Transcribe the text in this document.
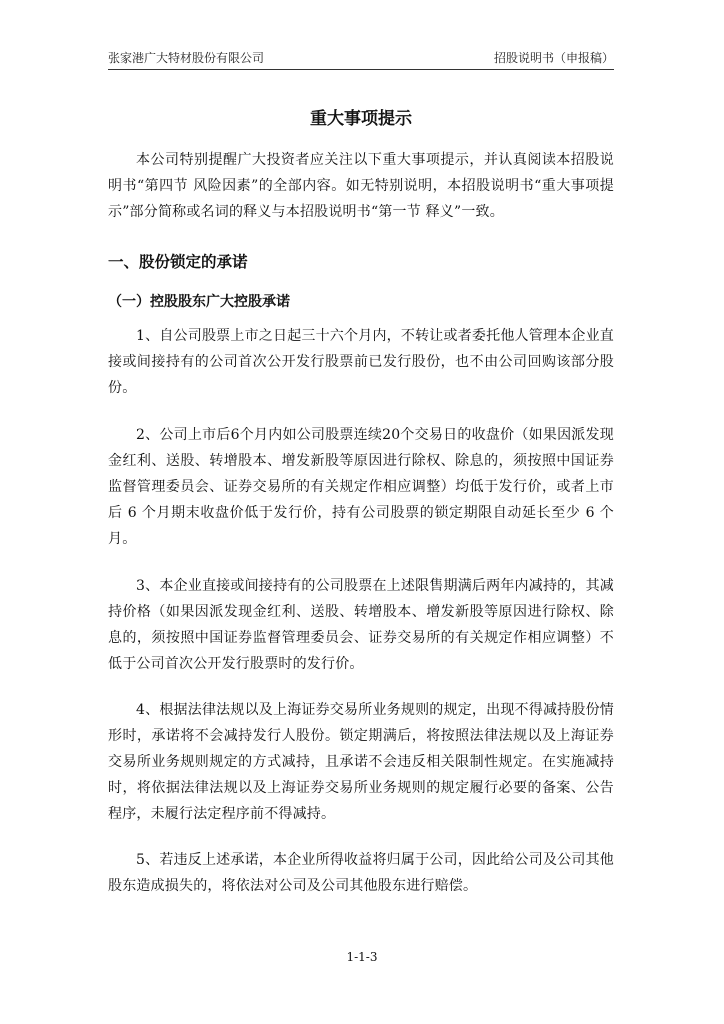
张家港广大特材股份有限公司	招股说明书（申报稿）
重大事项提示
本公司特别提醒广大投资者应关注以下重大事项提示，并认真阅读本招股说明书“第四节 风险因素”的全部内容。如无特别说明，本招股说明书“重大事项提示”部分简称或名词的释义与本招股说明书“第一节 释义”一致。
一、股份锁定的承诺
（一）控股股东广大控股承诺
1、自公司股票上市之日起三十六个月内，不转让或者委托他人管理本企业直接或间接持有的公司首次公开发行股票前已发行股份，也不由公司回购该部分股份。
2、公司上市后6个月内如公司股票连续20个交易日的收盘价（如果因派发现金红利、送股、转增股本、增发新股等原因进行除权、除息的，须按照中国证券监督管理委员会、证券交易所的有关规定作相应调整）均低于发行价，或者上市后 6 个月期末收盘价低于发行价，持有公司股票的锁定期限自动延长至少 6 个月。
3、本企业直接或间接持有的公司股票在上述限售期满后两年内减持的，其减持价格（如果因派发现金红利、送股、转增股本、增发新股等原因进行除权、除息的，须按照中国证券监督管理委员会、证券交易所的有关规定作相应调整）不低于公司首次公开发行股票时的发行价。
4、根据法律法规以及上海证券交易所业务规则的规定，出现不得减持股份情形时，承诺将不会减持发行人股份。锁定期满后，将按照法律法规以及上海证券交易所业务规则规定的方式减持，且承诺不会违反相关限制性规定。在实施减持时，将依据法律法规以及上海证券交易所业务规则的规定履行必要的备案、公告程序，未履行法定程序前不得减持。
5、若违反上述承诺，本企业所得收益将归属于公司，因此给公司及公司其他股东造成损失的，将依法对公司及公司其他股东进行赔偿。
1-1-3
